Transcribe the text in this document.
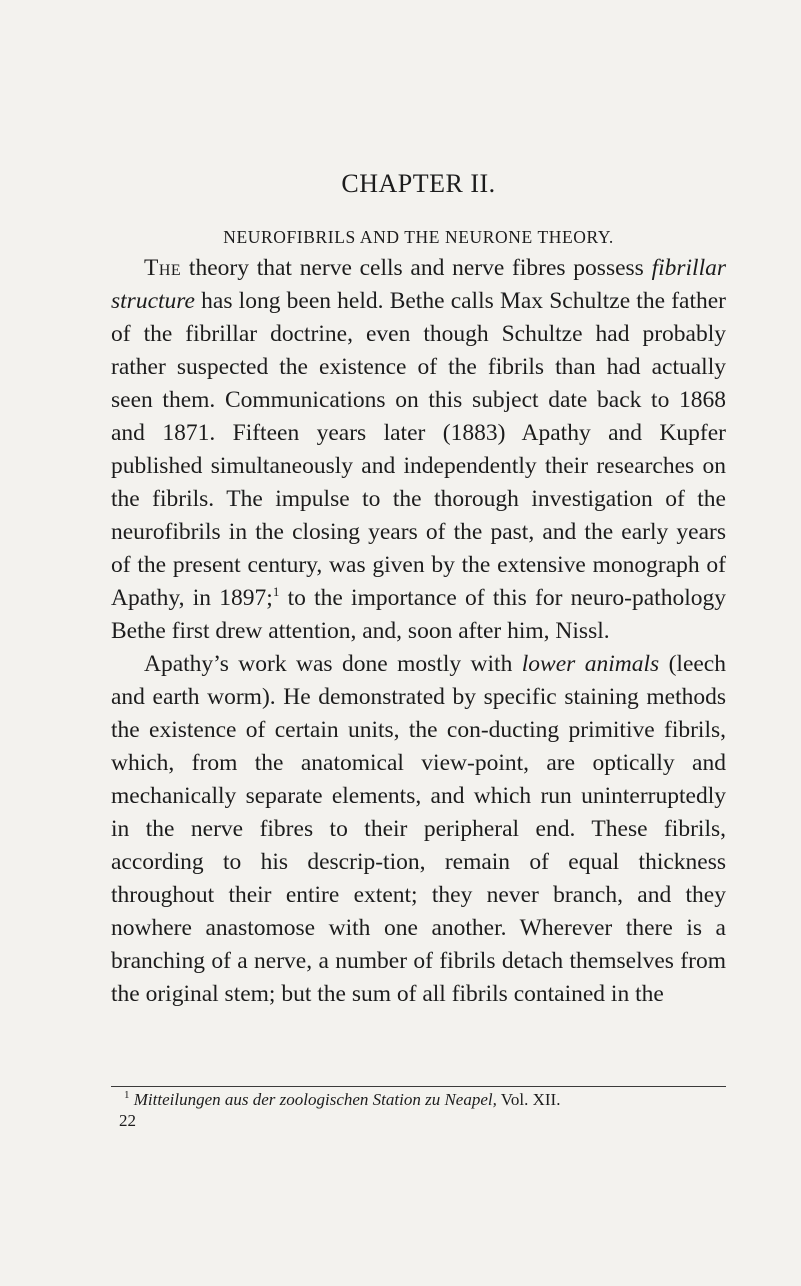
CHAPTER II.
NEUROFIBRILS AND THE NEURONE THEORY.

The theory that nerve cells and nerve fibres possess fibrillar structure has long been held. Bethe calls Max Schultze the father of the fibrillar doctrine, even though Schultze had probably rather suspected the existence of the fibrils than had actually seen them. Communications on this subject date back to 1868 and 1871. Fifteen years later (1883) Apathy and Kupfer published simultaneously and independently their researches on the fibrils. The impulse to the thorough investigation of the neurofibrils in the closing years of the past, and the early years of the present century, was given by the extensive monograph of Apathy, in 1897;$^1$ to the importance of this for neuro-pathology Bethe first drew attention, and, soon after him, Nissl.

Apathy’s work was done mostly with lower animals (leech and earth worm). He demonstrated by specific staining methods the existence of certain units, the con-ducting primitive fibrils, which, from the anatomical view-point, are optically and mechanically separate elements, and which run uninterruptedly in the nerve fibres to their peripheral end. These fibrils, according to his descrip-tion, remain of equal thickness throughout their entire extent; they never branch, and they nowhere anastomose with one another. Wherever there is a branching of a nerve, a number of fibrils detach themselves from the original stem; but the sum of all fibrils contained in the

$^1$ Mitteilungen aus der zoologischen Station zu Neapel, Vol. XII.
22
